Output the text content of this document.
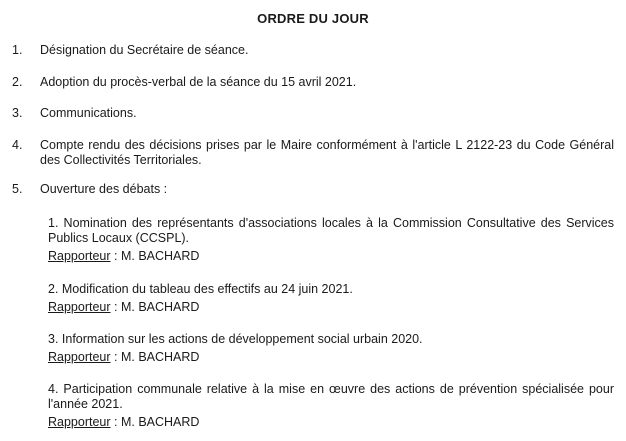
ORDRE DU JOUR
1.	Désignation du Secrétaire de séance.
2.	Adoption du procès-verbal de la séance du 15 avril 2021.
3.	Communications.
4.	Compte rendu des décisions prises par le Maire conformément à l'article L 2122-23 du Code Général des Collectivités Territoriales.
5.	Ouverture des débats :
1. Nomination des représentants d'associations locales à la Commission Consultative des Services Publics Locaux (CCSPL).
Rapporteur : M. BACHARD
2. Modification du tableau des effectifs au 24 juin 2021.
Rapporteur : M. BACHARD
3. Information sur les actions de développement social urbain 2020.
Rapporteur : M. BACHARD
4. Participation communale relative à la mise en œuvre des actions de prévention spécialisée pour l'année 2021.
Rapporteur : M. BACHARD
